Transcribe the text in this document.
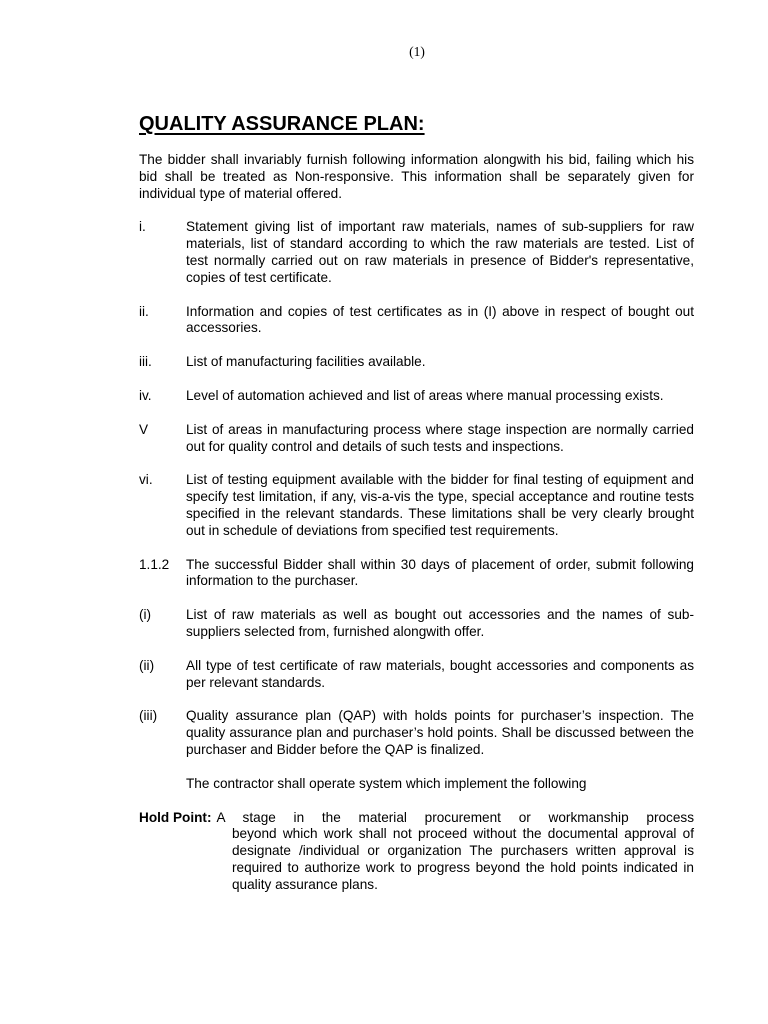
(1)
QUALITY ASSURANCE PLAN:

The bidder shall invariably furnish following information alongwith his bid, failing which his bid shall be treated as Non-responsive. This information shall be separately given for individual type of material offered.

i.	Statement giving list of important raw materials, names of sub-suppliers for raw materials, list of standard according to which the raw materials are tested. List of test normally carried out on raw materials in presence of Bidder's representative, copies of test certificate.
ii.	Information and copies of test certificates as in (I) above in respect of bought out accessories.
iii.	List of manufacturing facilities available.
iv.	Level of automation achieved and list of areas where manual processing exists.
V	List of areas in manufacturing process where stage inspection are normally carried out for quality control and details of such tests and inspections.
vi.	List of testing equipment available with the bidder for final testing of equipment and specify test limitation, if any, vis-a-vis the type, special acceptance and routine tests specified in the relevant standards. These limitations shall be very clearly brought out in schedule of deviations from specified test requirements.
1.1.2	The successful Bidder shall within 30 days of placement of order, submit following information to the purchaser.
(i)	List of raw materials as well as bought out accessories and the names of sub-suppliers selected from, furnished alongwith offer.
(ii)	All type of test certificate of raw materials, bought accessories and components as per relevant standards.
(iii)	Quality assurance plan (QAP) with holds points for purchaser’s inspection. The quality assurance plan and purchaser’s hold points. Shall be discussed between the purchaser and Bidder before the QAP is finalized.

The contractor shall operate system which implement the following

Hold Point: A stage in the material procurement or workmanship process
beyond which work shall not proceed without the documental approval of designate /individual or organization The purchasers written approval is required to authorize work to progress beyond the hold points indicated in quality assurance plans.
